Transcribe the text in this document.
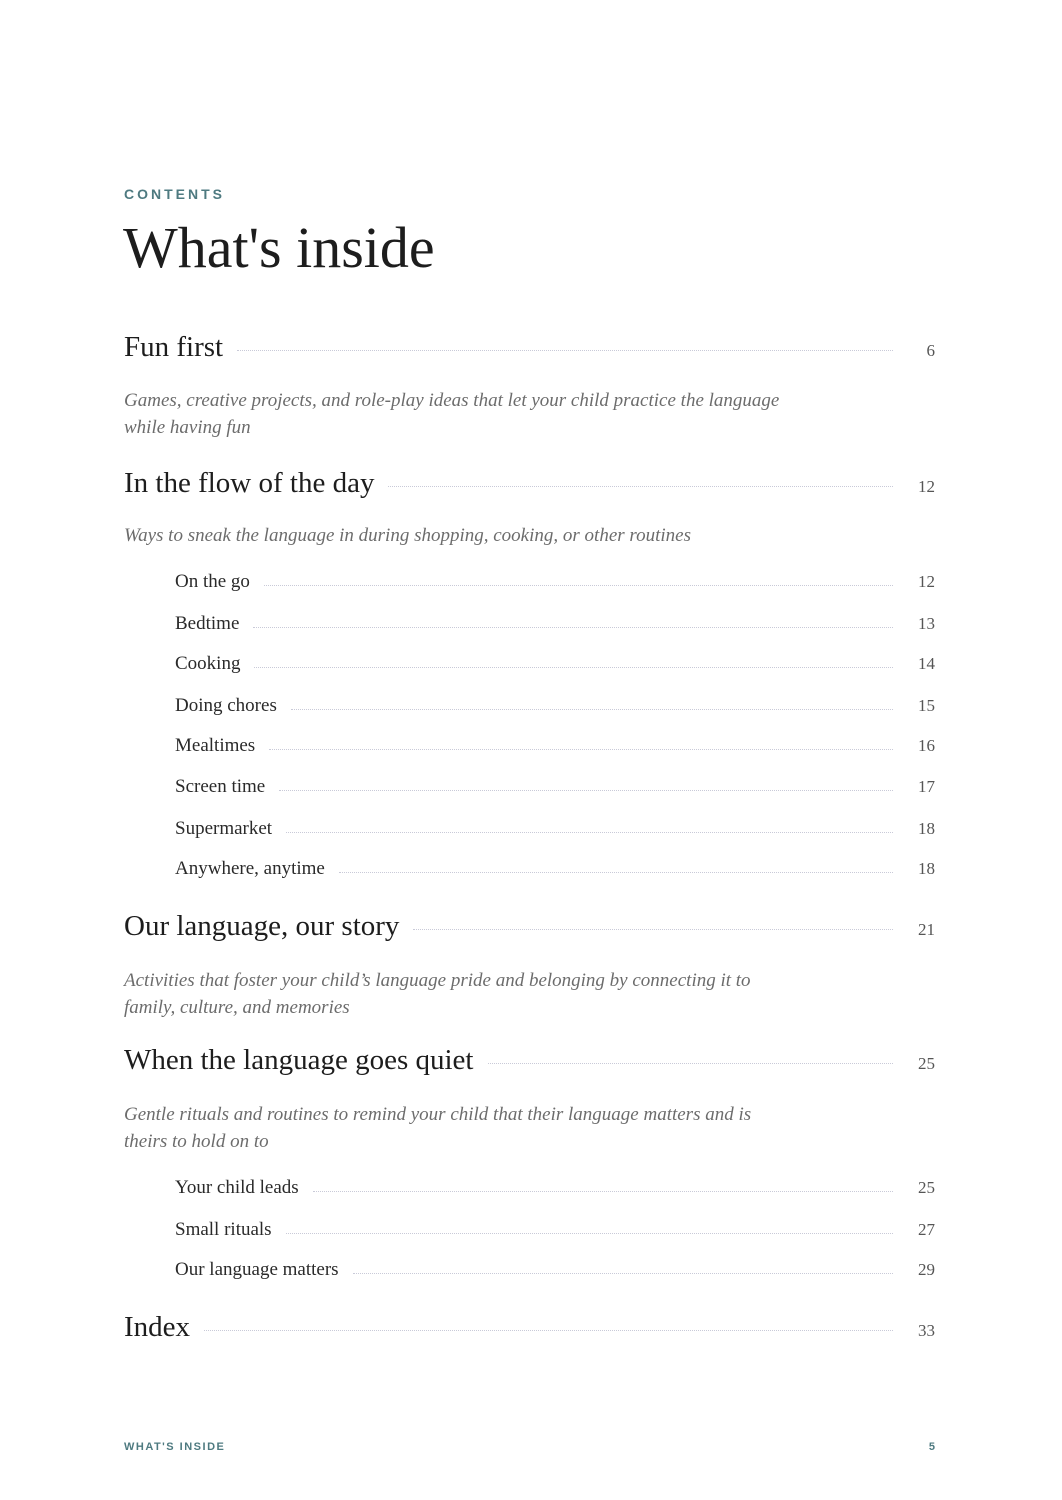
CONTENTS
What's inside
Fun first	6

Games, creative projects, and role-play ideas that let your child practice the language while having fun

In the flow of the day	12

Ways to sneak the language in during shopping, cooking, or other routines

On the go	12
Bedtime	13
Cooking	14
Doing chores	15
Mealtimes	16
Screen time	17
Supermarket	18
Anywhere, anytime	18
Our language, our story	21

Activities that foster your child’s language pride and belonging by connecting it to family, culture, and memories

When the language goes quiet	25

Gentle rituals and routines to remind your child that their language matters and is theirs to hold on to

Your child leads	25
Small rituals	27
Our language matters	29
Index	33
WHAT'S INSIDE	5
